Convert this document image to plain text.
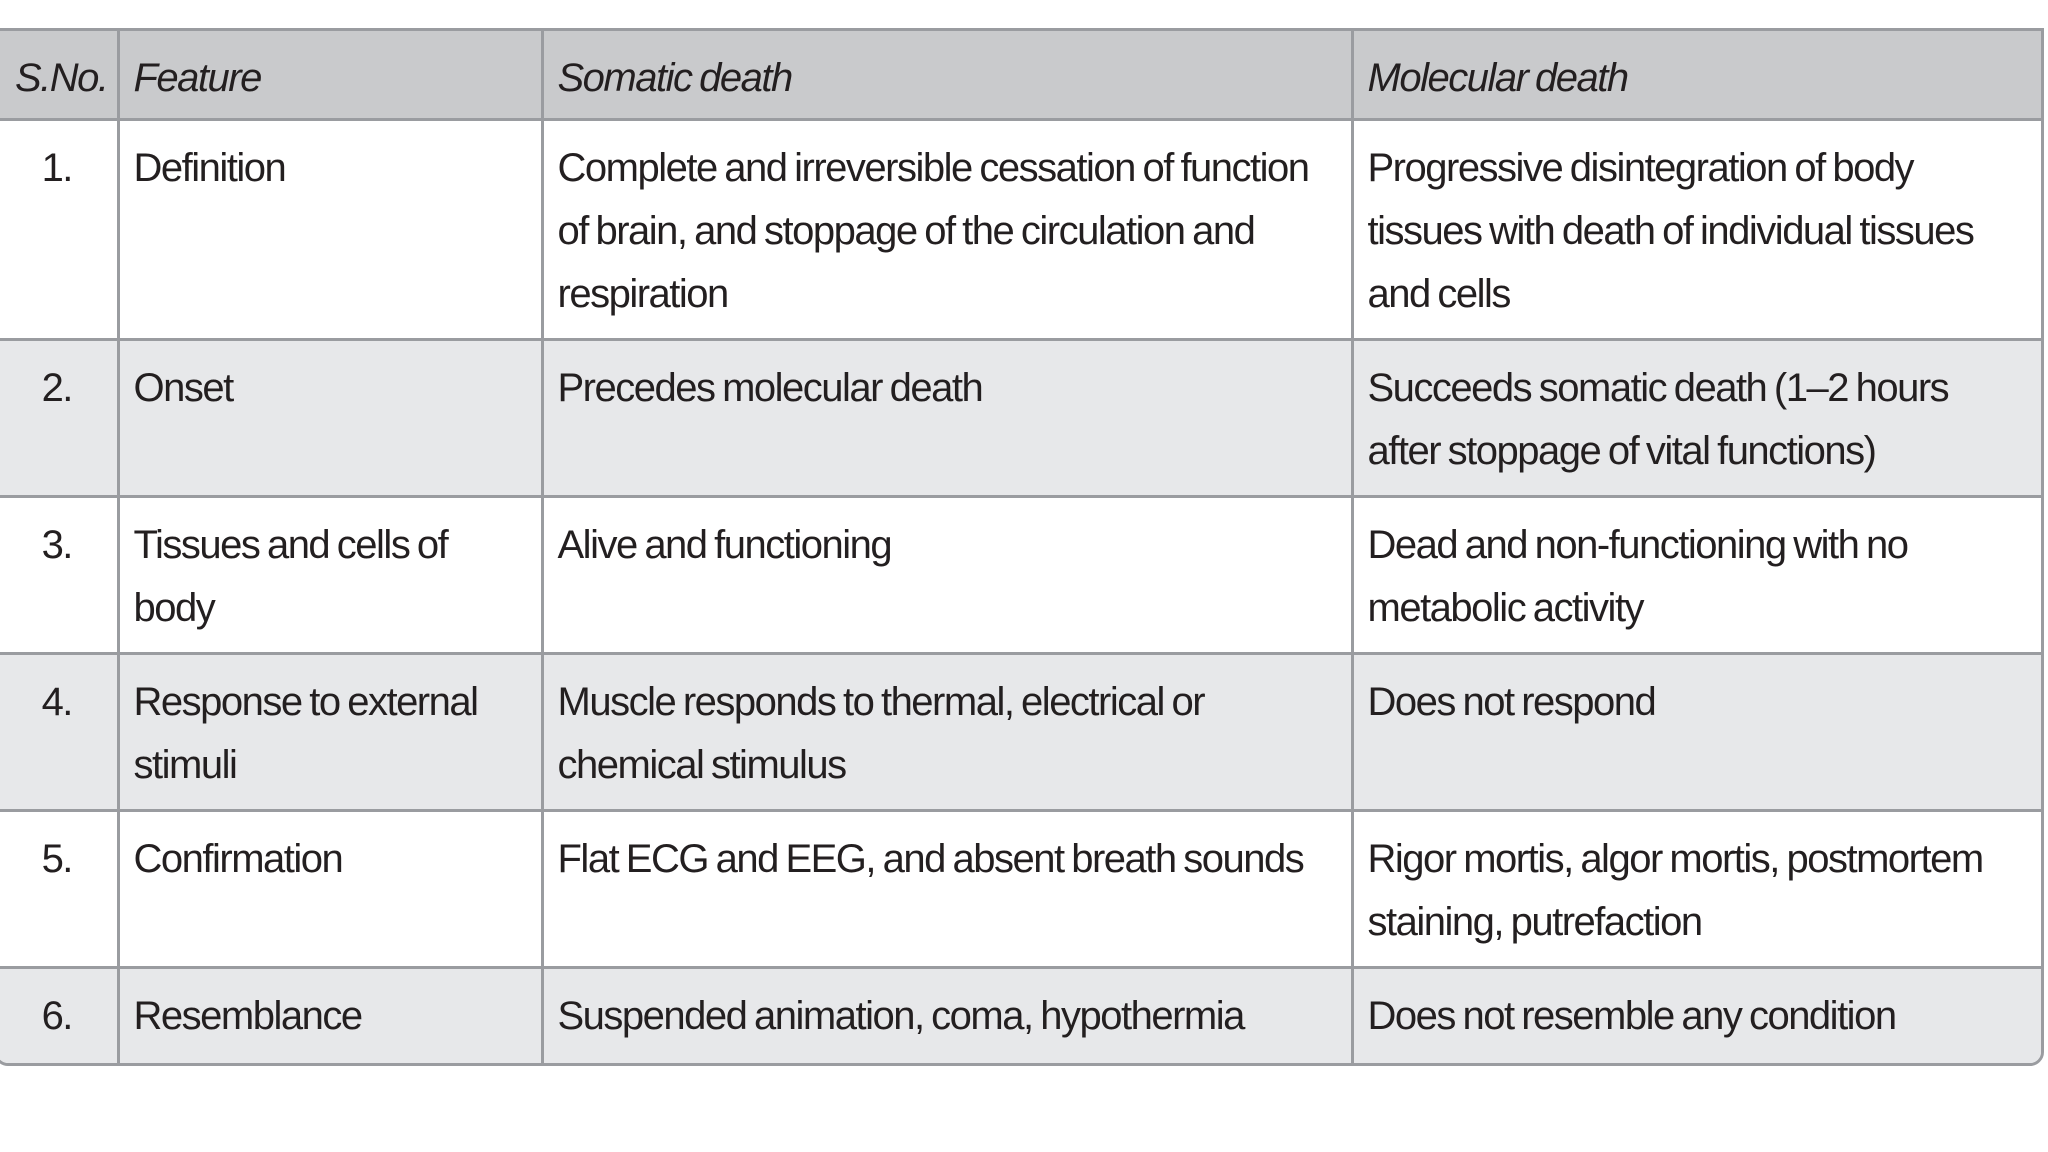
S.No.	Feature	Somatic death	Molecular death
1.	Definition	Complete and irreversible cessation of function of brain, and stoppage of the circulation and respiration	Progressive disintegration of body tissues with death of individual tissues and cells
2.	Onset	Precedes molecular death	Succeeds somatic death (1–2 hours after stoppage of vital functions)
3.	Tissues and cells of body	Alive and functioning	Dead and non-functioning with no metabolic activity
4.	Response to external stimuli	Muscle responds to thermal, electrical or chemical stimulus	Does not respond
5.	Confirmation	Flat ECG and EEG, and absent breath sounds	Rigor mortis, algor mortis, postmortem staining, putrefaction
6.	Resemblance	Suspended animation, coma, hypothermia	Does not resemble any condition
